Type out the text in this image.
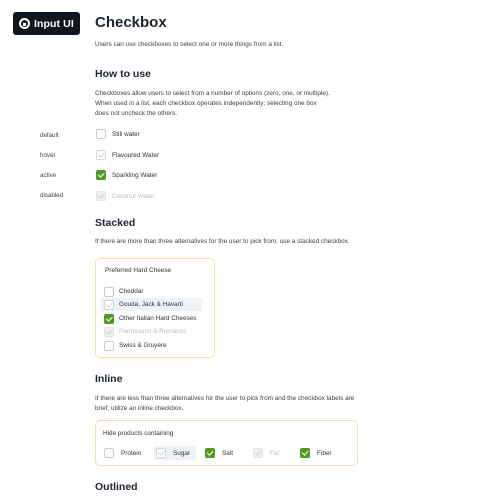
Input UI Checkbox
Users can use checkboxes to select one or more things from a list.
How to use
Checkboxes allow users to select from a number of options (zero, one, or multiple).
When used in a list, each checkbox operates independently; selecting one box
does not uncheck the others.
default	Still water
hover	Flavoured Water
active	Sparkling Water
disabled	Coconut Water
Stacked
If there are more than three alternatives for the user to pick from, use a stacked checkbox.
Preferred Hard Cheese
Cheddar
Gouda, Jack & Havarti
Other Italian Hard Cheeses
Parmesans & Romanos
Swiss & Gruyere
Inline
If there are less than three alternatives for the user to pick from and the checkbox labels are
brief, utilize an inline checkbox.
Hide products containing
Protein	Sugar	Salt	Fat	Fiber
Outlined
